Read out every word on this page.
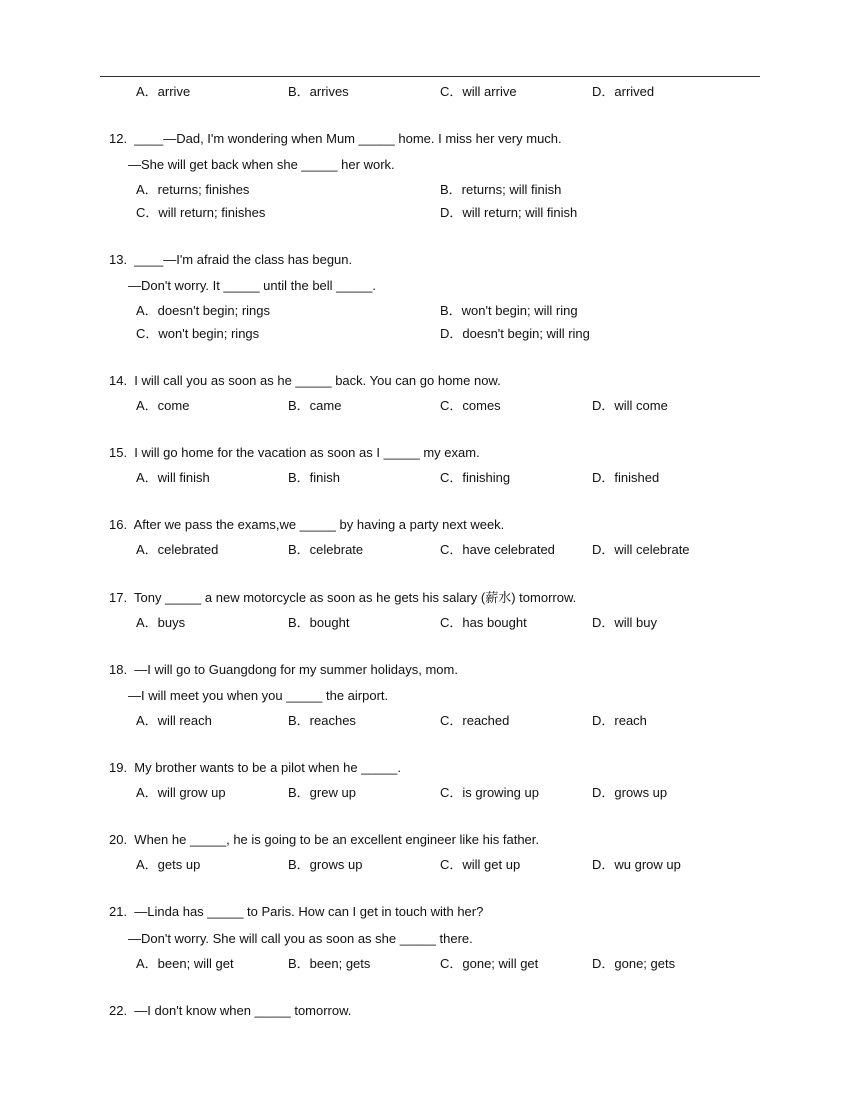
A．arrive	B．arrives	C．will arrive	D．arrived
12.  ____—Dad, I'm wondering when Mum _____ home. I miss her very much.
—She will get back when she _____ her work.
A．returns; finishes	B．returns; will finish
C．will return; finishes	D．will return; will finish
13.  ____—I'm afraid the class has begun.
—Don't worry. It _____ until the bell _____.
A．doesn't begin; rings	B．won't begin; will ring
C．won't begin; rings	D．doesn't begin; will ring
14.  I will call you as soon as he _____ back. You can go home now.
A．come	B．came	C．comes	D．will come
15.  I will go home for the vacation as soon as I _____ my exam.
A．will finish	B．finish	C．finishing	D．finished
16.  After we pass the exams,we _____ by having a party next week.
A．celebrated	B．celebrate	C．have celebrated	D．will celebrate
17.  Tony _____ a new motorcycle as soon as he gets his salary (薪水) tomorrow.
A．buys	B．bought	C．has bought	D．will buy
18.  —I will go to Guangdong for my summer holidays, mom.
—I will meet you when you _____ the airport.
A．will reach	B．reaches	C．reached	D．reach
19.  My brother wants to be a pilot when he _____.
A．will grow up	B．grew up	C．is growing up	D．grows up
20.  When he _____, he is going to be an excellent engineer like his father.
A．gets up	B．grows up	C．will get up	D．wu grow up
21.  —Linda has _____ to Paris. How can I get in touch with her?
—Don't worry. She will call you as soon as she _____ there.
A．been; will get	B．been; gets	C．gone; will get	D．gone; gets
22.  —I don't know when _____ tomorrow.
